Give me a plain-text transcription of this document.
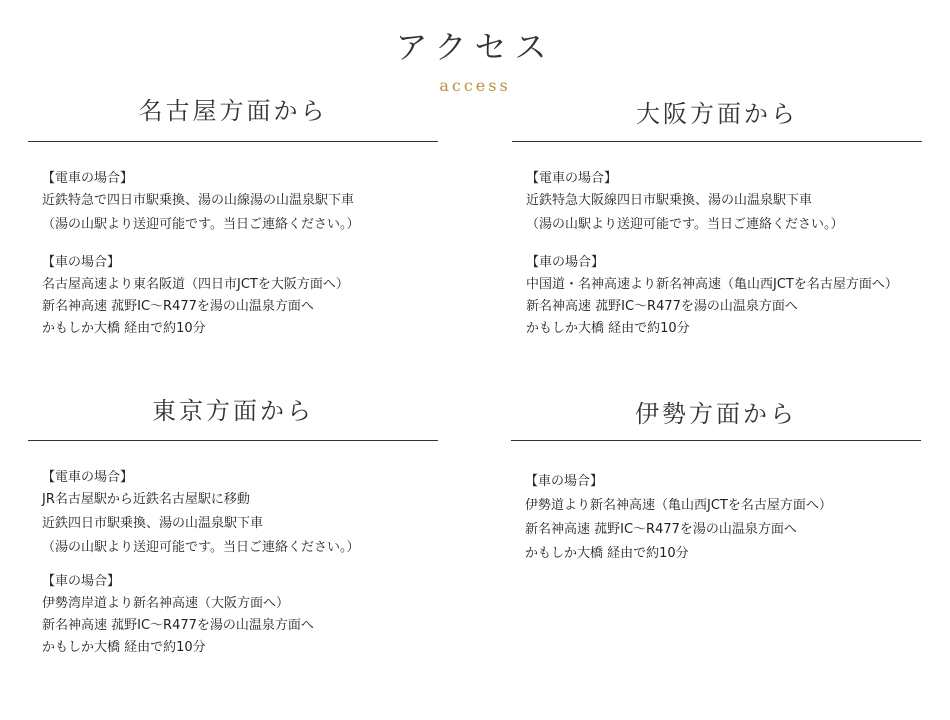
アクセス
access
名古屋方面から
【電車の場合】
近鉄特急で四日市駅乗換、湯の山線湯の山温泉駅下車
（湯の山駅より送迎可能です。当日ご連絡ください。）
【車の場合】
名古屋高速より東名阪道（四日市JCTを大阪方面へ）
新名神高速 菰野IC〜R477を湯の山温泉方面へ
かもしか大橋 経由で約10分
大阪方面から
【電車の場合】
近鉄特急大阪線四日市駅乗換、湯の山温泉駅下車
（湯の山駅より送迎可能です。当日ご連絡ください。）
【車の場合】
中国道・名神高速より新名神高速（亀山西JCTを名古屋方面へ）
新名神高速 菰野IC〜R477を湯の山温泉方面へ
かもしか大橋 経由で約10分
東京方面から
【電車の場合】
JR名古屋駅から近鉄名古屋駅に移動
近鉄四日市駅乗換、湯の山温泉駅下車
（湯の山駅より送迎可能です。当日ご連絡ください。）
【車の場合】
伊勢湾岸道より新名神高速（大阪方面へ）
新名神高速 菰野IC〜R477を湯の山温泉方面へ
かもしか大橋 経由で約10分
伊勢方面から
【車の場合】
伊勢道より新名神高速（亀山西JCTを名古屋方面へ）
新名神高速 菰野IC〜R477を湯の山温泉方面へ
かもしか大橋 経由で約10分
